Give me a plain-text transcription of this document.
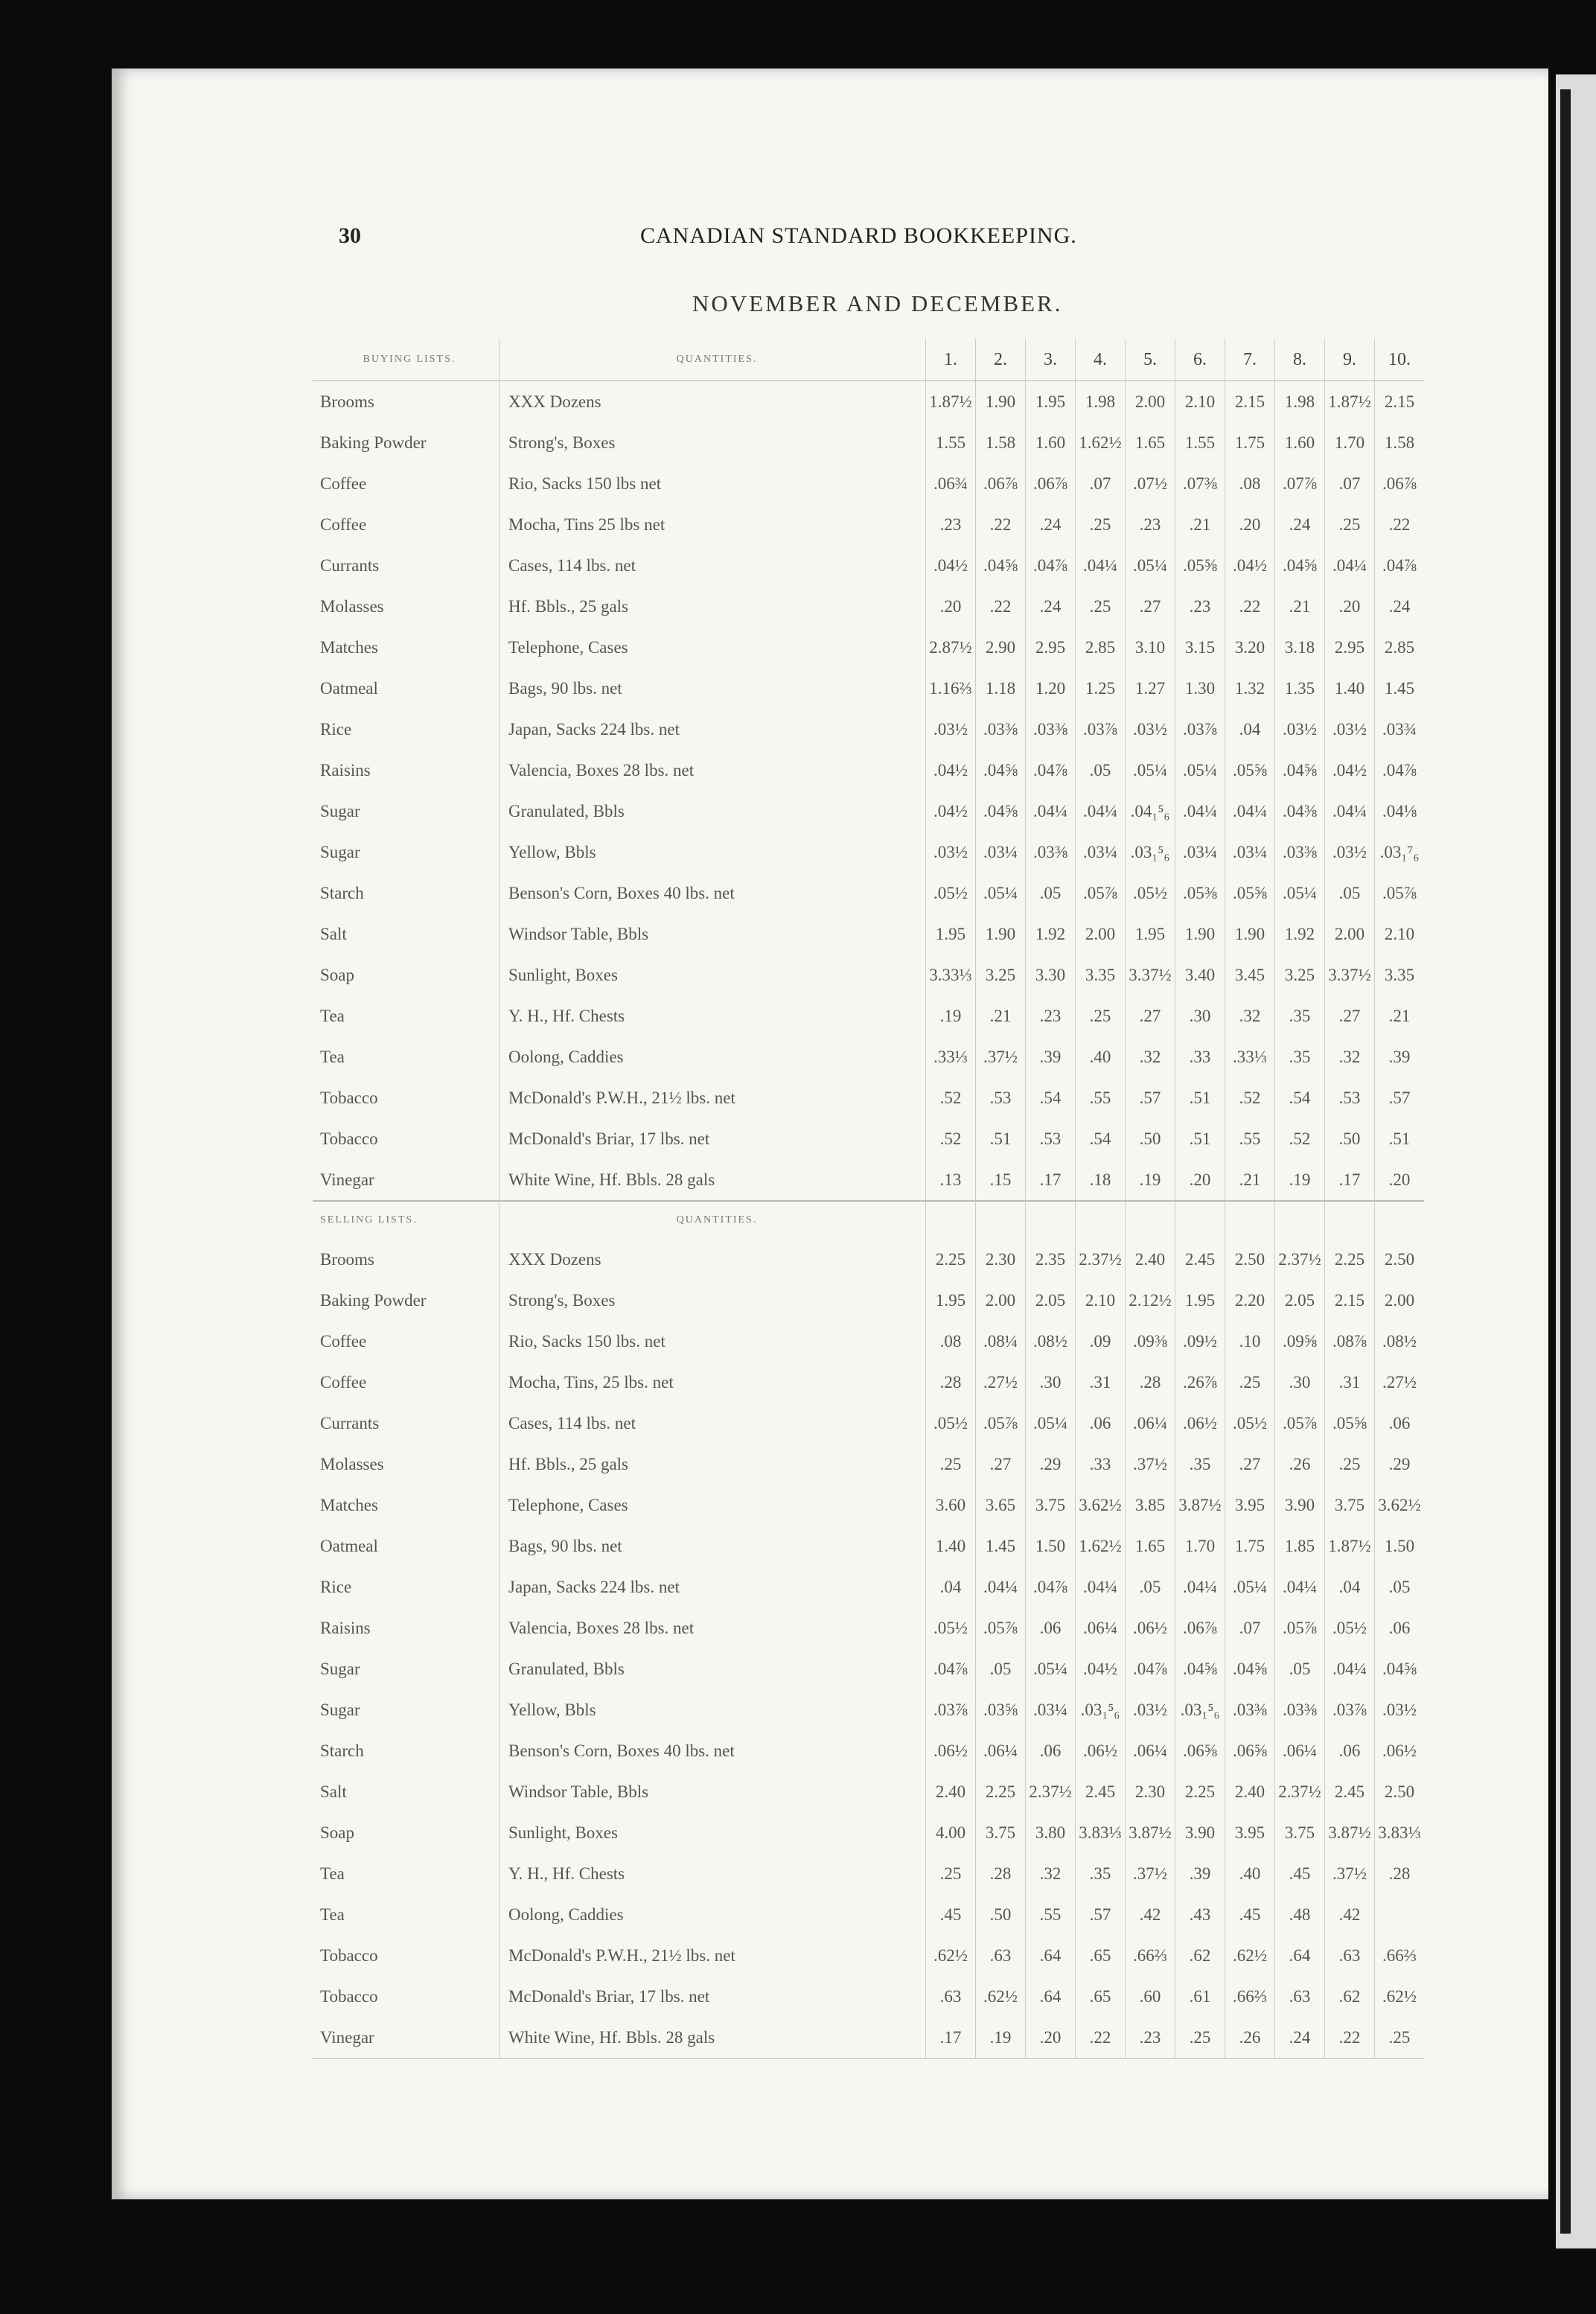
30	CANADIAN STANDARD BOOKKEEPING.
NOVEMBER AND DECEMBER.
BUYING LISTS.	QUANTITIES.	1.	2.	3.	4.	5.	6.	7.	8.	9.	10.
Brooms	XXX Dozens	1.87½	1.90	1.95	1.98	2.00	2.10	2.15	1.98	1.87½	2.15
Baking Powder	Strong's, Boxes	1.55	1.58	1.60	1.62½	1.65	1.55	1.75	1.60	1.70	1.58
Coffee	Rio, Sacks 150 lbs net	.06¾	.06⅞	.06⅞	.07	.07½	.07⅜	.08	.07⅞	.07	.06⅞
Coffee	Mocha, Tins 25 lbs net	.23	.22	.24	.25	.23	.21	.20	.24	.25	.22
Currants	Cases, 114 lbs. net	.04½	.04⅝	.04⅞	.04¼	.05¼	.05⅝	.04½	.04⅝	.04¼	.04⅞
Molasses	Hf. Bbls., 25 gals	.20	.22	.24	.25	.27	.23	.22	.21	.20	.24
Matches	Telephone, Cases	2.87½	2.90	2.95	2.85	3.10	3.15	3.20	3.18	2.95	2.85
Oatmeal	Bags, 90 lbs. net	1.16⅔	1.18	1.20	1.25	1.27	1.30	1.32	1.35	1.40	1.45
Rice	Japan, Sacks 224 lbs. net	.03½	.03⅜	.03⅜	.03⅞	.03½	.03⅞	.04	.03½	.03½	.03¾
Raisins	Valencia, Boxes 28 lbs. net	.04½	.04⅝	.04⅞	.05	.05¼	.05¼	.05⅝	.04⅝	.04½	.04⅞
Sugar	Granulated, Bbls	.04½	.04⅝	.04¼	.04¼	.04₁⁵₆	.04¼	.04¼	.04⅜	.04¼	.04⅛
Sugar	Yellow, Bbls	.03½	.03¼	.03⅜	.03¼	.03₁⁵₆	.03¼	.03¼	.03⅜	.03½	.03₁⁷₆
Starch	Benson's Corn, Boxes 40 lbs. net	.05½	.05¼	.05	.05⅞	.05½	.05⅜	.05⅝	.05¼	.05	.05⅞
Salt	Windsor Table, Bbls	1.95	1.90	1.92	2.00	1.95	1.90	1.90	1.92	2.00	2.10
Soap	Sunlight, Boxes	3.33⅓	3.25	3.30	3.35	3.37½	3.40	3.45	3.25	3.37½	3.35
Tea	Y. H., Hf. Chests	.19	.21	.23	.25	.27	.30	.32	.35	.27	.21
Tea	Oolong, Caddies	.33⅓	.37½	.39	.40	.32	.33	.33⅓	.35	.32	.39
Tobacco	McDonald's P.W.H., 21½ lbs. net	.52	.53	.54	.55	.57	.51	.52	.54	.53	.57
Tobacco	McDonald's Briar, 17 lbs. net	.52	.51	.53	.54	.50	.51	.55	.52	.50	.51
Vinegar	White Wine, Hf. Bbls. 28 gals	.13	.15	.17	.18	.19	.20	.21	.19	.17	.20
SELLING LISTS.	QUANTITIES.										
Brooms	XXX Dozens	2.25	2.30	2.35	2.37½	2.40	2.45	2.50	2.37½	2.25	2.50
Baking Powder	Strong's, Boxes	1.95	2.00	2.05	2.10	2.12½	1.95	2.20	2.05	2.15	2.00
Coffee	Rio, Sacks 150 lbs. net	.08	.08¼	.08½	.09	.09⅜	.09½	.10	.09⅝	.08⅞	.08½
Coffee	Mocha, Tins, 25 lbs. net	.28	.27½	.30	.31	.28	.26⅞	.25	.30	.31	.27½
Currants	Cases, 114 lbs. net	.05½	.05⅞	.05¼	.06	.06¼	.06½	.05½	.05⅞	.05⅝	.06
Molasses	Hf. Bbls., 25 gals	.25	.27	.29	.33	.37½	.35	.27	.26	.25	.29
Matches	Telephone, Cases	3.60	3.65	3.75	3.62½	3.85	3.87½	3.95	3.90	3.75	3.62½
Oatmeal	Bags, 90 lbs. net	1.40	1.45	1.50	1.62½	1.65	1.70	1.75	1.85	1.87½	1.50
Rice	Japan, Sacks 224 lbs. net	.04	.04¼	.04⅞	.04¼	.05	.04¼	.05¼	.04¼	.04	.05
Raisins	Valencia, Boxes 28 lbs. net	.05½	.05⅞	.06	.06¼	.06½	.06⅞	.07	.05⅞	.05½	.06
Sugar	Granulated, Bbls	.04⅞	.05	.05¼	.04½	.04⅞	.04⅝	.04⅝	.05	.04¼	.04⅝
Sugar	Yellow, Bbls	.03⅞	.03⅝	.03¼	.03₁⁵₆	.03½	.03₁⁵₆	.03⅜	.03⅜	.03⅞	.03½
Starch	Benson's Corn, Boxes 40 lbs. net	.06½	.06¼	.06	.06½	.06¼	.06⅝	.06⅝	.06¼	.06	.06½
Salt	Windsor Table, Bbls	2.40	2.25	2.37½	2.45	2.30	2.25	2.40	2.37½	2.45	2.50
Soap	Sunlight, Boxes	4.00	3.75	3.80	3.83⅓	3.87½	3.90	3.95	3.75	3.87½	3.83⅓
Tea	Y. H., Hf. Chests	.25	.28	.32	.35	.37½	.39	.40	.45	.37½	.28
Tea	Oolong, Caddies	.45	.50	.55	.57	.42	.43	.45	.48	.42	
Tobacco	McDonald's P.W.H., 21½ lbs. net	.62½	.63	.64	.65	.66⅔	.62	.62½	.64	.63	.66⅔
Tobacco	McDonald's Briar, 17 lbs. net	.63	.62½	.64	.65	.60	.61	.66⅔	.63	.62	.62½
Vinegar	White Wine, Hf. Bbls. 28 gals	.17	.19	.20	.22	.23	.25	.26	.24	.22	.25
